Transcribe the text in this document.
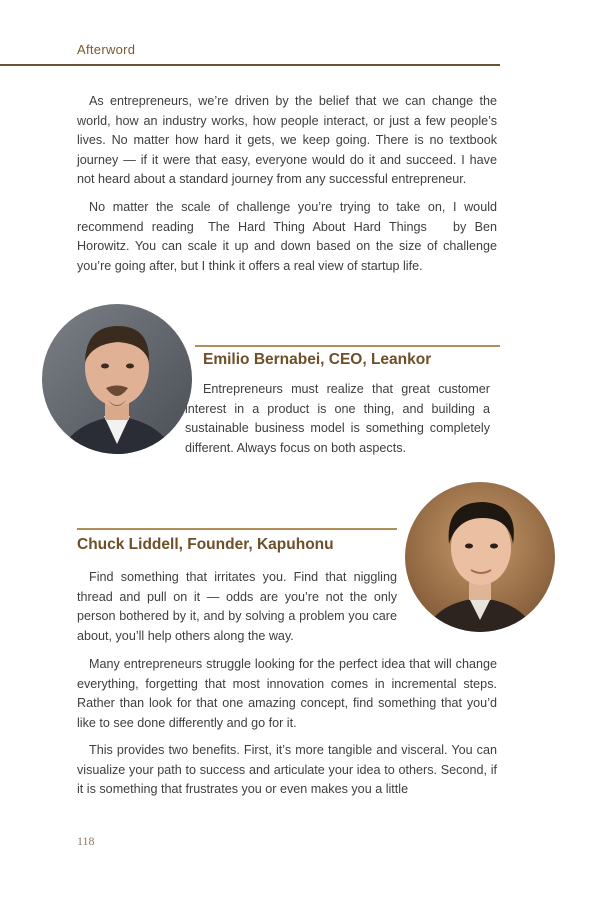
Afterword

As entrepreneurs, we’re driven by the belief that we can change the world, how an industry works, how people interact, or just a few people’s lives. No matter how hard it gets, we keep going. There is no textbook journey — if it were that easy, everyone would do it and succeed. I have not heard about a standard journey from any successful entrepreneur.

No matter the scale of challenge you’re trying to take on, I would recommend reading The Hard Thing About Hard Things by Ben Horowitz. You can scale it up and down based on the size of challenge you’re going after, but I think it offers a real view of startup life.

Emilio Bernabei, CEO, Leankor

Entrepreneurs must realize that great customer interest in a product is one thing, and building a sustainable business model is something completely different. Always focus on both aspects.

Chuck Liddell, Founder, Kapuhonu

Find something that irritates you. Find that niggling thread and pull on it — odds are you’re not the only person bothered by it, and by solving a problem you care about, you’ll help others along the way.

Many entrepreneurs struggle looking for the perfect idea that will change everything, forgetting that most innovation comes in incremental steps. Rather than look for that one amazing concept, find something that you’d like to see done differently and go for it.

This provides two benefits. First, it’s more tangible and visceral. You can visualize your path to success and articulate your idea to others. Second, if it is something that frustrates you or even makes you a little

118
